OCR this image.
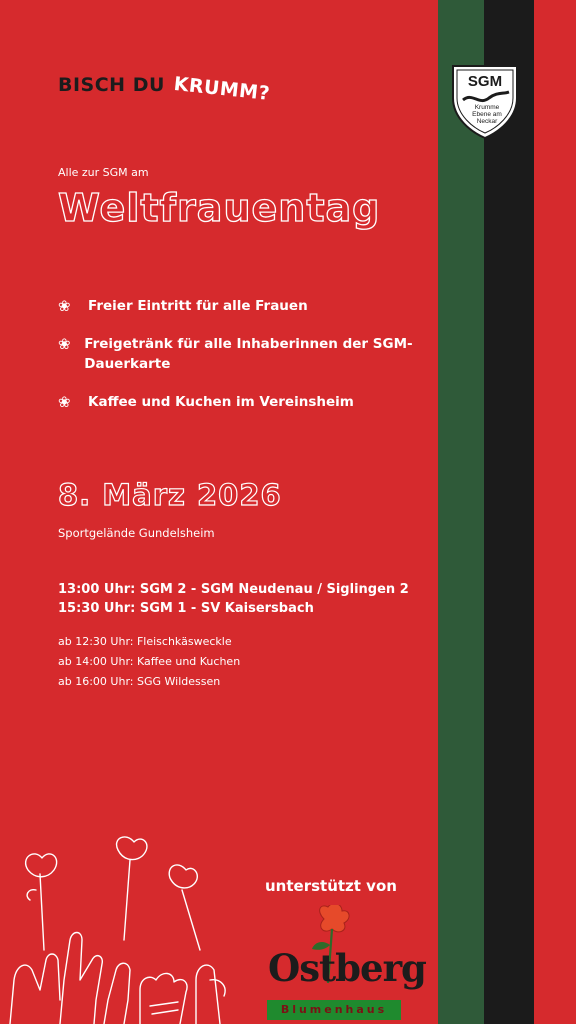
SGM
Krumme
Ebene am
Neckar
BISCH DU KRUMM?
Alle zur SGM am
Weltfrauentag
❀	Freier Eintritt für alle Frauen
❀	Freigetränk für alle Inhaberinnen der SGM-Dauerkarte
❀	Kaffee und Kuchen im Vereinsheim
8. März 2026
Sportgelände Gundelsheim
13:00 Uhr: SGM 2 - SGM Neudenau / Siglingen 2
15:30 Uhr: SGM 1 - SV Kaisersbach
ab 12:30 Uhr: Fleischkäsweckle
ab 14:00 Uhr: Kaffee und Kuchen
ab 16:00 Uhr: SGG Wildessen
unterstützt von
Ostberg
Blumenhaus
